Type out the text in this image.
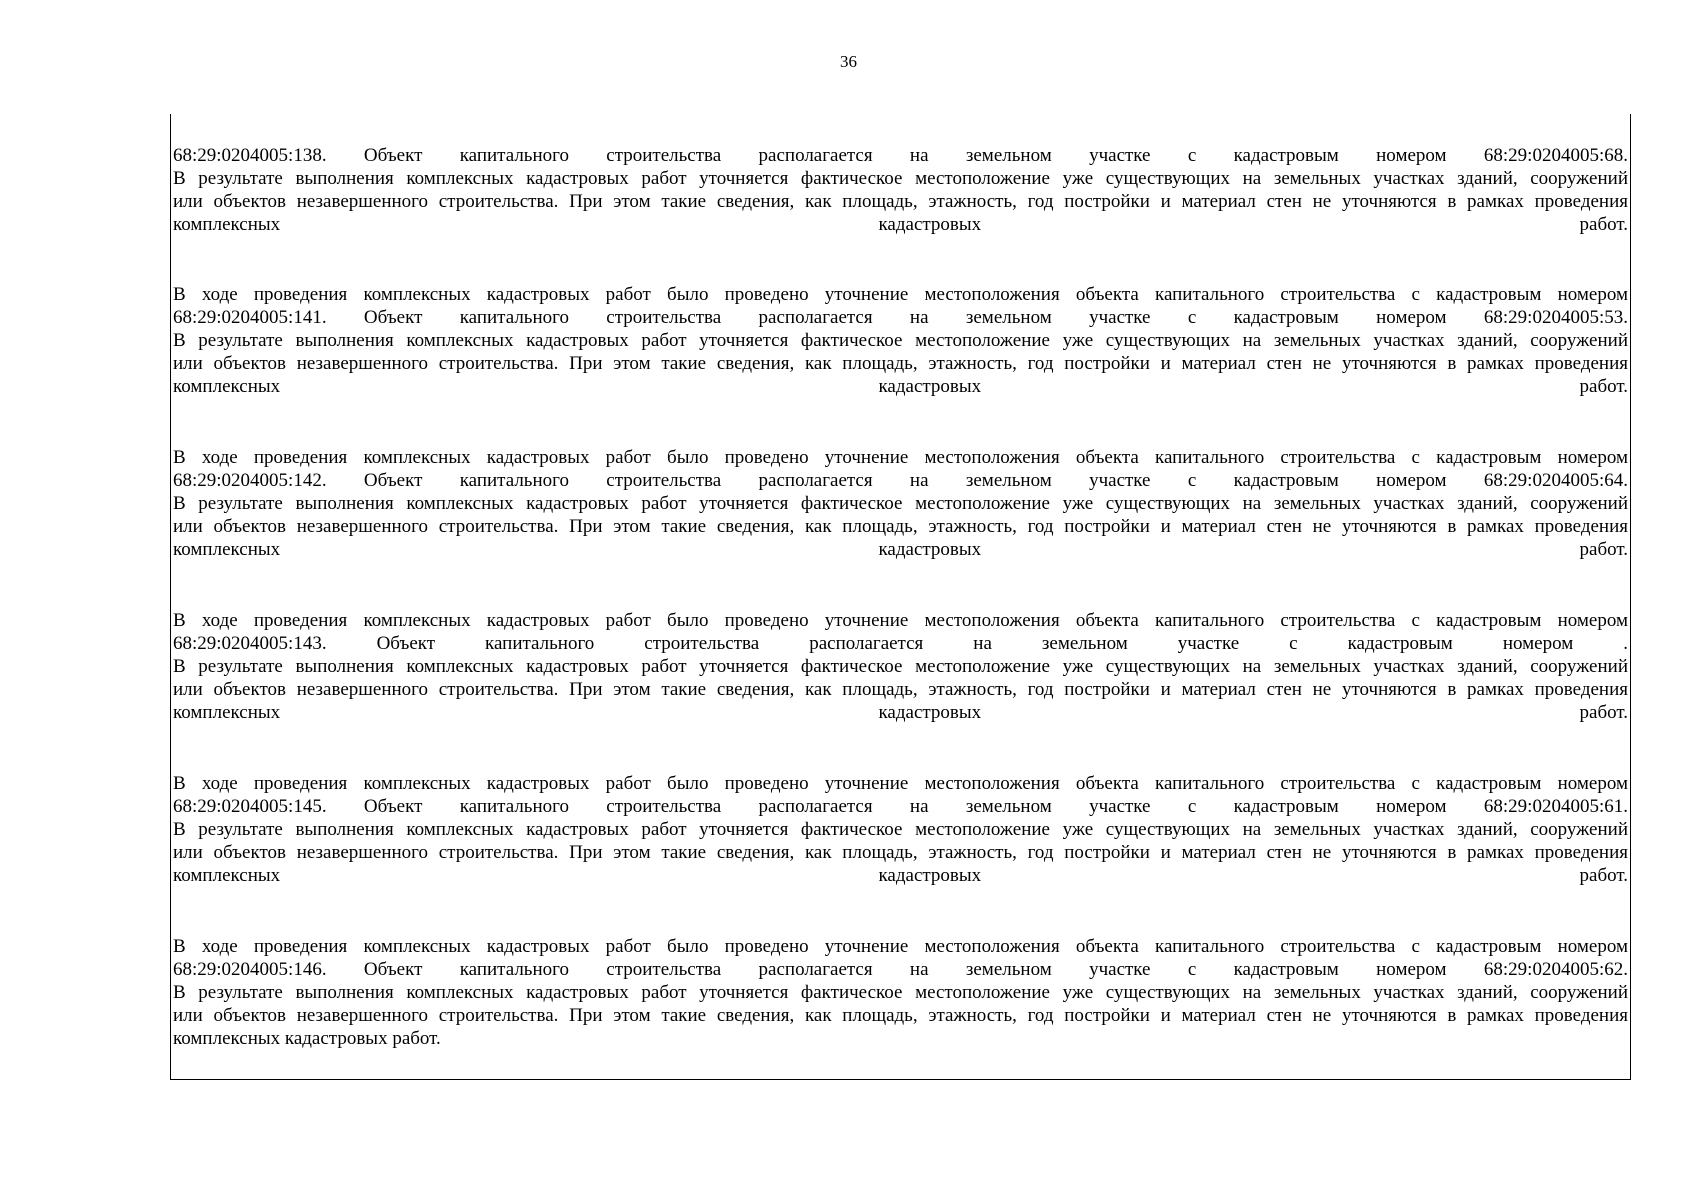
36
68:29:0204005:138. Объект капитального строительства располагается на земельном участке с кадастровым номером 68:29:0204005:68.
В результате выполнения комплексных кадастровых работ уточняется фактическое местоположение уже существующих на земельных участках зданий, сооружений
или объектов незавершенного строительства. При этом такие сведения, как площадь, этажность, год постройки и материал стен не уточняются в рамках проведения
комплексных кадастровых работ.
В ходе проведения комплексных кадастровых работ было проведено уточнение местоположения объекта капитального строительства с кадастровым номером
68:29:0204005:141. Объект капитального строительства располагается на земельном участке с кадастровым номером 68:29:0204005:53.
В результате выполнения комплексных кадастровых работ уточняется фактическое местоположение уже существующих на земельных участках зданий, сооружений
или объектов незавершенного строительства. При этом такие сведения, как площадь, этажность, год постройки и материал стен не уточняются в рамках проведения
комплексных кадастровых работ.
В ходе проведения комплексных кадастровых работ было проведено уточнение местоположения объекта капитального строительства с кадастровым номером
68:29:0204005:142. Объект капитального строительства располагается на земельном участке с кадастровым номером 68:29:0204005:64.
В результате выполнения комплексных кадастровых работ уточняется фактическое местоположение уже существующих на земельных участках зданий, сооружений
или объектов незавершенного строительства. При этом такие сведения, как площадь, этажность, год постройки и материал стен не уточняются в рамках проведения
комплексных кадастровых работ.
В ходе проведения комплексных кадастровых работ было проведено уточнение местоположения объекта капитального строительства с кадастровым номером
68:29:0204005:143. Объект капитального строительства располагается на земельном участке с кадастровым номером .
В результате выполнения комплексных кадастровых работ уточняется фактическое местоположение уже существующих на земельных участках зданий, сооружений
или объектов незавершенного строительства. При этом такие сведения, как площадь, этажность, год постройки и материал стен не уточняются в рамках проведения
комплексных кадастровых работ.
В ходе проведения комплексных кадастровых работ было проведено уточнение местоположения объекта капитального строительства с кадастровым номером
68:29:0204005:145. Объект капитального строительства располагается на земельном участке с кадастровым номером 68:29:0204005:61.
В результате выполнения комплексных кадастровых работ уточняется фактическое местоположение уже существующих на земельных участках зданий, сооружений
или объектов незавершенного строительства. При этом такие сведения, как площадь, этажность, год постройки и материал стен не уточняются в рамках проведения
комплексных кадастровых работ.
В ходе проведения комплексных кадастровых работ было проведено уточнение местоположения объекта капитального строительства с кадастровым номером
68:29:0204005:146. Объект капитального строительства располагается на земельном участке с кадастровым номером 68:29:0204005:62.
В результате выполнения комплексных кадастровых работ уточняется фактическое местоположение уже существующих на земельных участках зданий, сооружений
или объектов незавершенного строительства. При этом такие сведения, как площадь, этажность, год постройки и материал стен не уточняются в рамках проведения
комплексных кадастровых работ.
